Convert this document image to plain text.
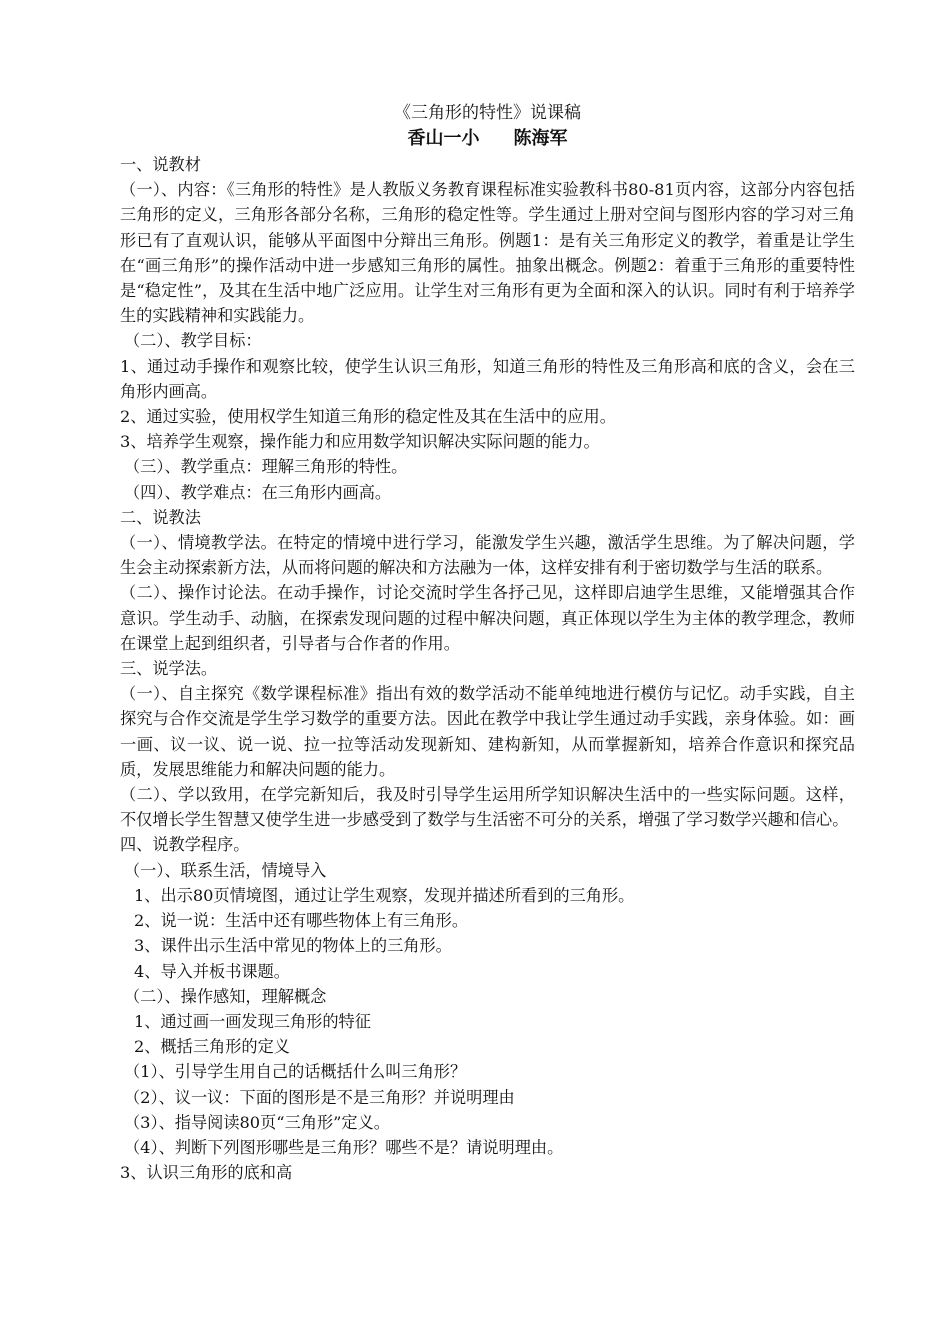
《三角形的特性》说课稿

香山一小 陈海军

一、说教材

（一）、内容：《三角形的特性》是人教版义务教育课程标准实验教科书80-81页内容，这部分内容包括三角形的定义，三角形各部分名称，三角形的稳定性等。学生通过上册对空间与图形内容的学习对三角形已有了直观认识，能够从平面图中分辩出三角形。例题1：是有关三角形定义的教学，着重是让学生在“画三角形”的操作活动中进一步感知三角形的属性。抽象出概念。例题2：着重于三角形的重要特性是“稳定性”，及其在生活中地广泛应用。让学生对三角形有更为全面和深入的认识。同时有利于培养学生的实践精神和实践能力。

（二）、教学目标：

1、通过动手操作和观察比较，使学生认识三角形，知道三角形的特性及三角形高和底的含义，会在三角形内画高。

2、通过实验，使用权学生知道三角形的稳定性及其在生活中的应用。

3、培养学生观察，操作能力和应用数学知识解决实际问题的能力。

（三）、教学重点：理解三角形的特性。

（四）、教学难点：在三角形内画高。

二、说教法

（一）、情境教学法。在特定的情境中进行学习，能激发学生兴趣，激活学生思维。为了解决问题，学生会主动探索新方法，从而将问题的解决和方法融为一体，这样安排有利于密切数学与生活的联系。

（二）、操作讨论法。在动手操作，讨论交流时学生各抒己见，这样即启迪学生思维，又能增强其合作意识。学生动手、动脑，在探索发现问题的过程中解决问题，真正体现以学生为主体的教学理念，教师在课堂上起到组织者，引导者与合作者的作用。

三、说学法。

（一）、自主探究《数学课程标准》指出有效的数学活动不能单纯地进行模仿与记忆。动手实践，自主探究与合作交流是学生学习数学的重要方法。因此在教学中我让学生通过动手实践，亲身体验。如：画一画、议一议、说一说、拉一拉等活动发现新知、建构新知，从而掌握新知，培养合作意识和探究品质，发展思维能力和解决问题的能力。

（二）、学以致用，在学完新知后，我及时引导学生运用所学知识解决生活中的一些实际问题。这样，不仅增长学生智慧又使学生进一步感受到了数学与生活密不可分的关系，增强了学习数学兴趣和信心。

四、说教学程序。

（一）、联系生活，情境导入

1、出示80页情境图，通过让学生观察，发现并描述所看到的三角形。

2、说一说：生活中还有哪些物体上有三角形。

3、课件出示生活中常见的物体上的三角形。

4、导入并板书课题。

（二）、操作感知，理解概念

1、通过画一画发现三角形的特征

2、概括三角形的定义

（1）、引导学生用自己的话概括什么叫三角形？

（2）、议一议：下面的图形是不是三角形？并说明理由

（3）、指导阅读80页“三角形”定义。

（4）、判断下列图形哪些是三角形？哪些不是？请说明理由。

3、认识三角形的底和高
